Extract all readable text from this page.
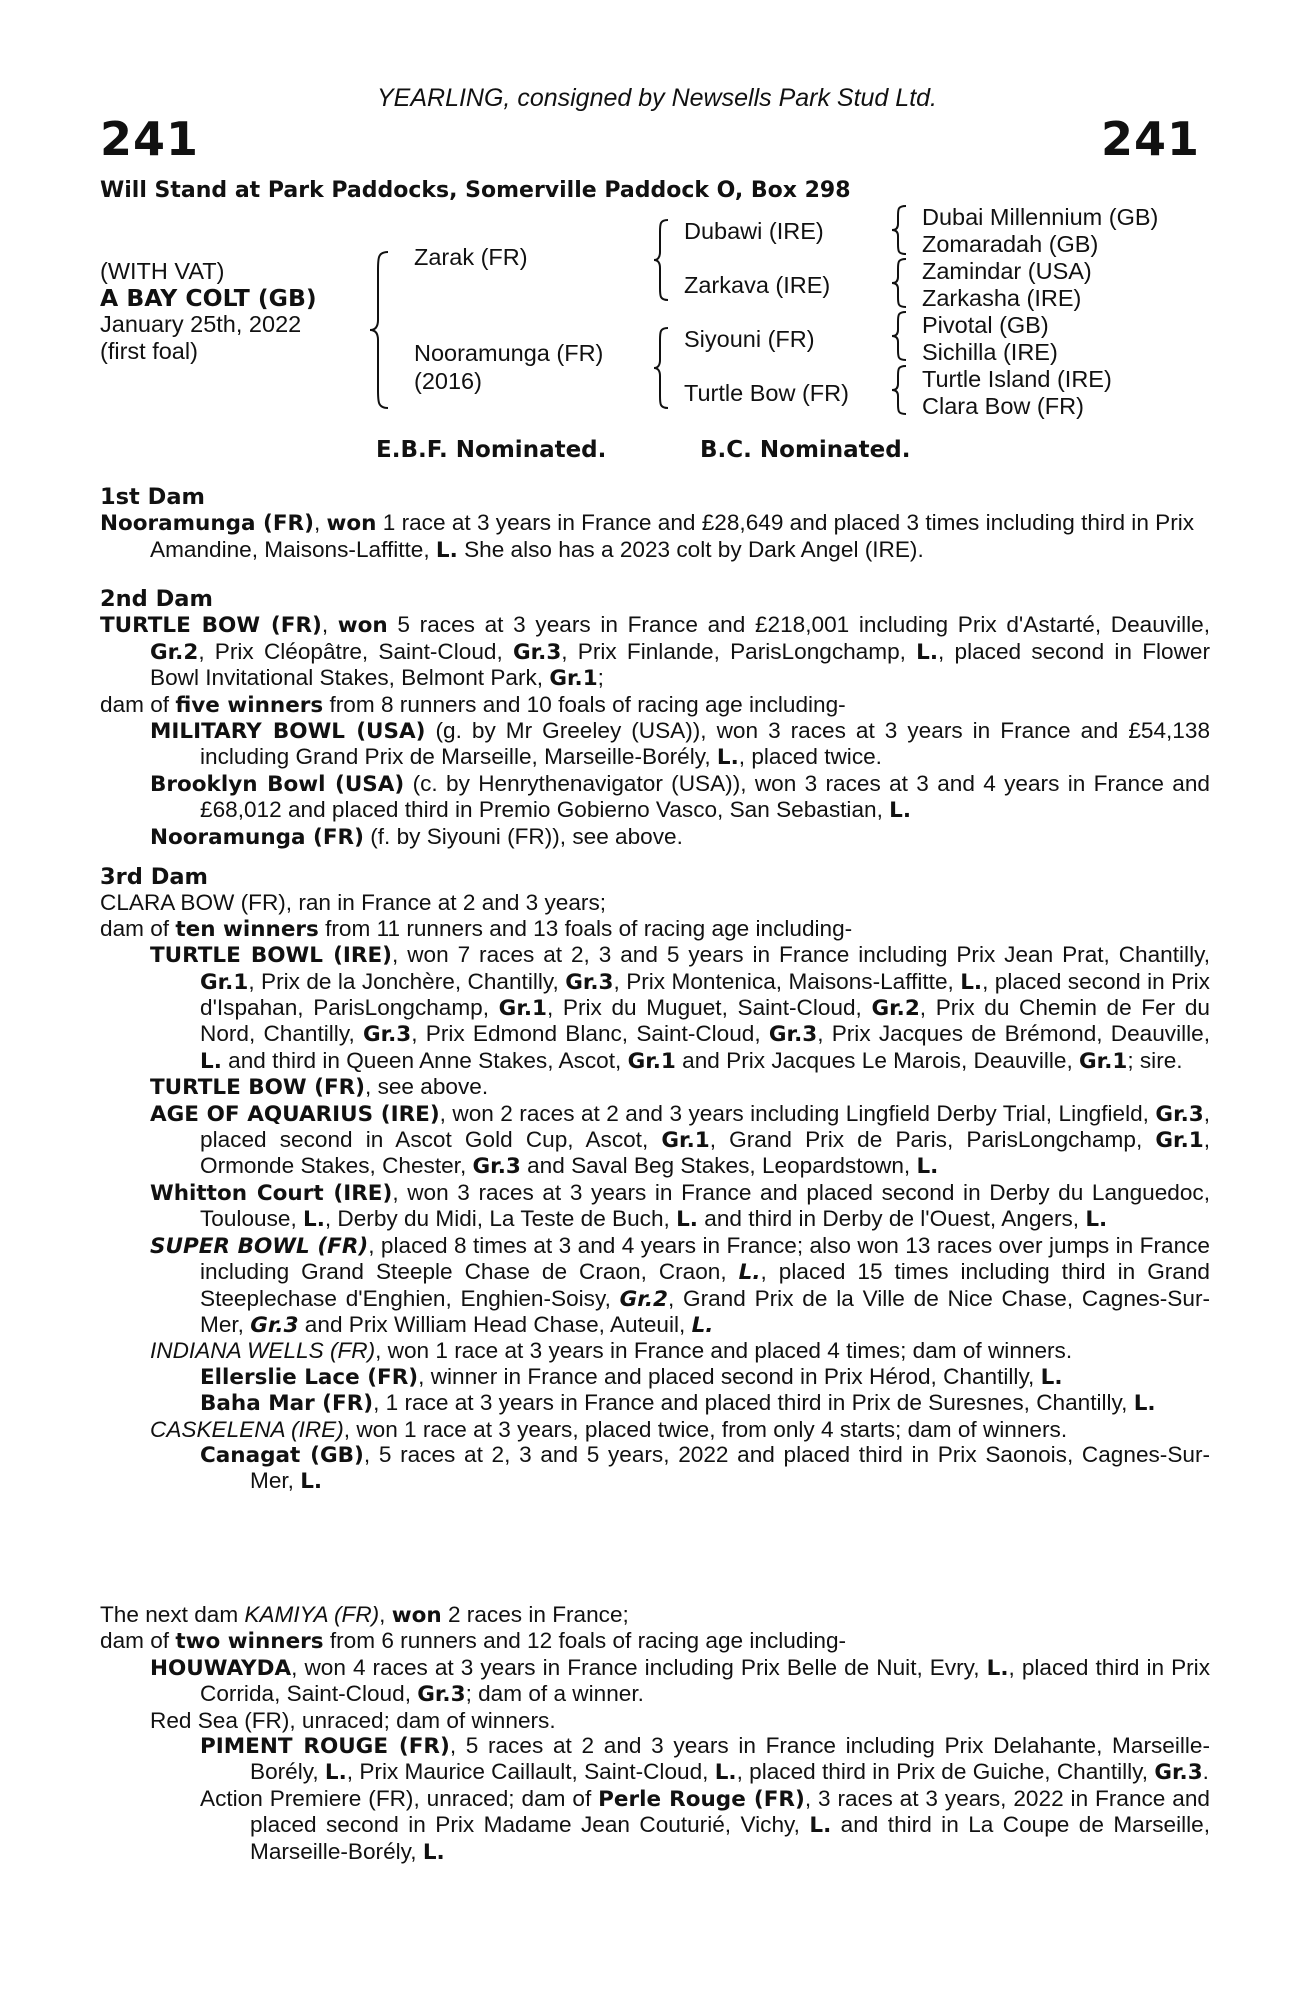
YEARLING, consigned by Newsells Park Stud Ltd.
241	241
Will Stand at Park Paddocks, Somerville Paddock O, Box 298
(WITH VAT)
A BAY COLT (GB)
January 25th, 2022
(first foal)
Zarak (FR)
Nooramunga (FR)
(2016)
Dubawi (IRE)
Zarkava (IRE)
Siyouni (FR)
Turtle Bow (FR)
Dubai Millennium (GB)
Zomaradah (GB)
Zamindar (USA)
Zarkasha (IRE)
Pivotal (GB)
Sichilla (IRE)
Turtle Island (IRE)
Clara Bow (FR)
E.B.F. Nominated.	B.C. Nominated.

1st Dam

Nooramunga (FR), won 1 race at 3 years in France and £28,649 and placed 3 times including third in Prix Amandine, Maisons-Laffitte, L. She also has a 2023 colt by Dark Angel (IRE).

2nd Dam

TURTLE BOW (FR), won 5 races at 3 years in France and £218,001 including Prix d'Astarté, Deauville, Gr.2, Prix Cléopâtre, Saint-Cloud, Gr.3, Prix Finlande, ParisLongchamp, L., placed second in Flower Bowl Invitational Stakes, Belmont Park, Gr.1;

dam of five winners from 8 runners and 10 foals of racing age including-

MILITARY BOWL (USA) (g. by Mr Greeley (USA)), won 3 races at 3 years in France and £54,138 including Grand Prix de Marseille, Marseille-Borély, L., placed twice.

Brooklyn Bowl (USA) (c. by Henrythenavigator (USA)), won 3 races at 3 and 4 years in France and £68,012 and placed third in Premio Gobierno Vasco, San Sebastian, L.

Nooramunga (FR) (f. by Siyouni (FR)), see above.

3rd Dam

CLARA BOW (FR), ran in France at 2 and 3 years;

dam of ten winners from 11 runners and 13 foals of racing age including-

TURTLE BOWL (IRE), won 7 races at 2, 3 and 5 years in France including Prix Jean Prat, Chantilly, Gr.1, Prix de la Jonchère, Chantilly, Gr.3, Prix Montenica, Maisons-Laffitte, L., placed second in Prix d'Ispahan, ParisLongchamp, Gr.1, Prix du Muguet, Saint-Cloud, Gr.2, Prix du Chemin de Fer du Nord, Chantilly, Gr.3, Prix Edmond Blanc, Saint-Cloud, Gr.3, Prix Jacques de Brémond, Deauville, L. and third in Queen Anne Stakes, Ascot, Gr.1 and Prix Jacques Le Marois, Deauville, Gr.1; sire.

TURTLE BOW (FR), see above.

AGE OF AQUARIUS (IRE), won 2 races at 2 and 3 years including Lingfield Derby Trial, Lingfield, Gr.3, placed second in Ascot Gold Cup, Ascot, Gr.1, Grand Prix de Paris, ParisLongchamp, Gr.1, Ormonde Stakes, Chester, Gr.3 and Saval Beg Stakes, Leopardstown, L.

Whitton Court (IRE), won 3 races at 3 years in France and placed second in Derby du Languedoc, Toulouse, L., Derby du Midi, La Teste de Buch, L. and third in Derby de l'Ouest, Angers, L.

SUPER BOWL (FR), placed 8 times at 3 and 4 years in France; also won 13 races over jumps in France including Grand Steeple Chase de Craon, Craon, L., placed 15 times including third in Grand Steeplechase d'Enghien, Enghien-Soisy, Gr.2, Grand Prix de la Ville de Nice Chase, Cagnes-Sur-Mer, Gr.3 and Prix William Head Chase, Auteuil, L.

INDIANA WELLS (FR), won 1 race at 3 years in France and placed 4 times; dam of winners.

Ellerslie Lace (FR), winner in France and placed second in Prix Hérod, Chantilly, L.

Baha Mar (FR), 1 race at 3 years in France and placed third in Prix de Suresnes, Chantilly, L.

CASKELENA (IRE), won 1 race at 3 years, placed twice, from only 4 starts; dam of winners.

Canagat (GB), 5 races at 2, 3 and 5 years, 2022 and placed third in Prix Saonois, Cagnes-Sur-Mer, L.

The next dam KAMIYA (FR), won 2 races in France;

dam of two winners from 6 runners and 12 foals of racing age including-

HOUWAYDA, won 4 races at 3 years in France including Prix Belle de Nuit, Evry, L., placed third in Prix Corrida, Saint-Cloud, Gr.3; dam of a winner.

Red Sea (FR), unraced; dam of winners.

PIMENT ROUGE (FR), 5 races at 2 and 3 years in France including Prix Delahante, Marseille-Borély, L., Prix Maurice Caillault, Saint-Cloud, L., placed third in Prix de Guiche, Chantilly, Gr.3.

Action Premiere (FR), unraced; dam of Perle Rouge (FR), 3 races at 3 years, 2022 in France and placed second in Prix Madame Jean Couturié, Vichy, L. and third in La Coupe de Marseille, Marseille-Borély, L.
